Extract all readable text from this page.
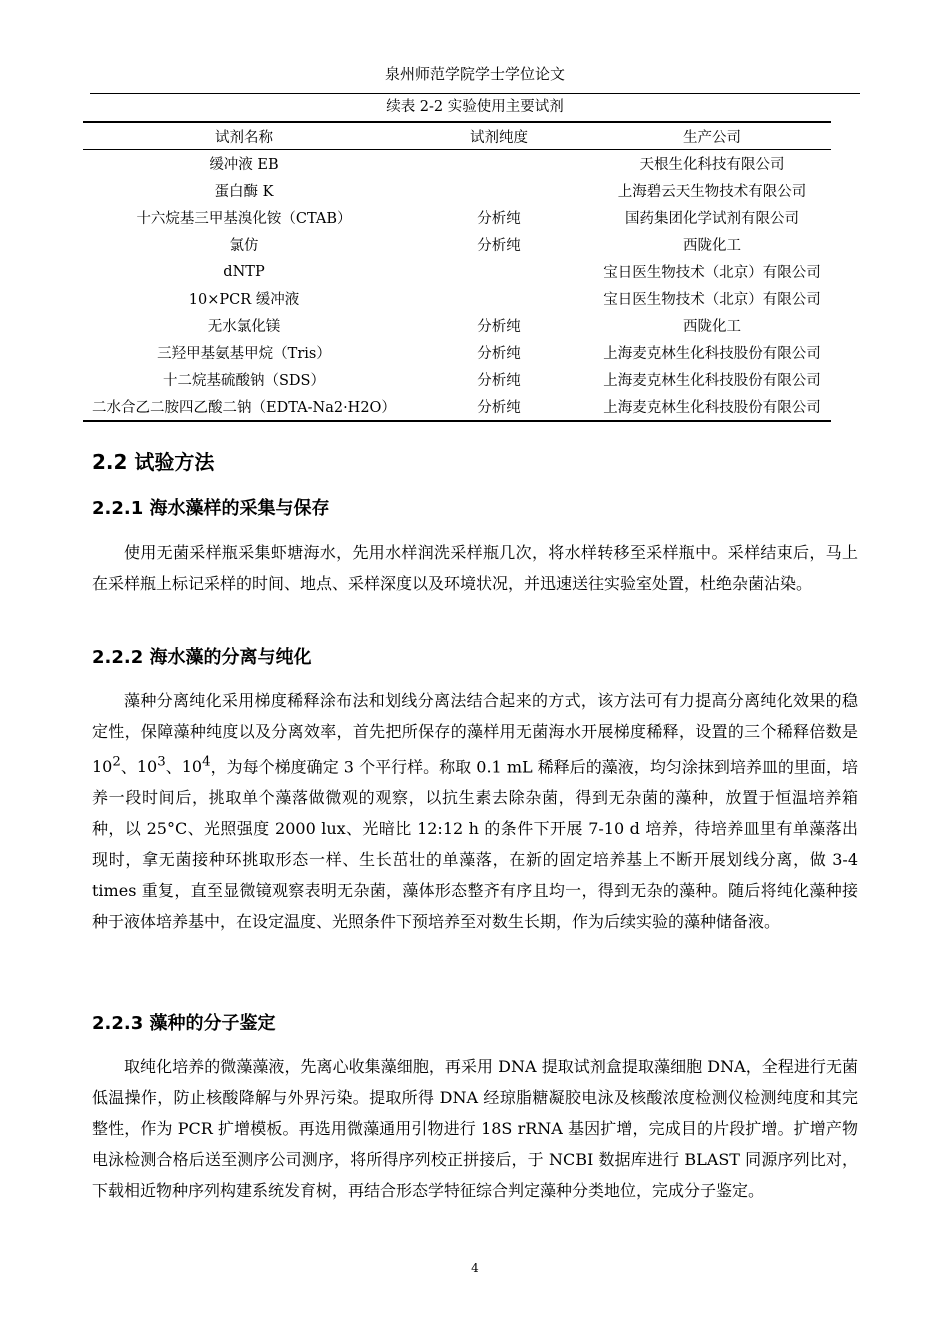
泉州师范学院学士学位论文
续表 2-2 实验使用主要试剂
试剂名称	试剂纯度	生产公司
缓冲液 EB		天根生化科技有限公司
蛋白酶 K		上海碧云天生物技术有限公司
十六烷基三甲基溴化铵（CTAB）	分析纯	国药集团化学试剂有限公司
氯仿	分析纯	西陇化工
dNTP		宝日医生物技术（北京）有限公司
10×PCR 缓冲液		宝日医生物技术（北京）有限公司
无水氯化镁	分析纯	西陇化工
三羟甲基氨基甲烷（Tris）	分析纯	上海麦克林生化科技股份有限公司
十二烷基硫酸钠（SDS）	分析纯	上海麦克林生化科技股份有限公司
二水合乙二胺四乙酸二钠（EDTA-Na2·H2O）	分析纯	上海麦克林生化科技股份有限公司
2.2 试验方法
2.2.1 海水藻样的采集与保存

使用无菌采样瓶采集虾塘海水，先用水样润洗采样瓶几次，将水样转移至采样瓶中。采样结束后，马上在采样瓶上标记采样的时间、地点、采样深度以及环境状况，并迅速送往实验室处置，杜绝杂菌沾染。

2.2.2 海水藻的分离与纯化

藻种分离纯化采用梯度稀释涂布法和划线分离法结合起来的方式，该方法可有力提高分离纯化效果的稳定性，保障藻种纯度以及分离效率，首先把所保存的藻样用无菌海水开展梯度稀释，设置的三个稀释倍数是 $10^2$、$10^3$、$10^4$，为每个梯度确定 3 个平行样。称取 0.1 mL 稀释后的藻液，均匀涂抹到培养皿的里面，培养一段时间后，挑取单个藻落做微观的观察，以抗生素去除杂菌，得到无杂菌的藻种，放置于恒温培养箱种，以 25°C、光照强度 2000 lux、光暗比 12:12 h 的条件下开展 7-10 d 培养，待培养皿里有单藻落出现时，拿无菌接种环挑取形态一样、生长茁壮的单藻落，在新的固定培养基上不断开展划线分离，做 3-4 times 重复，直至显微镜观察表明无杂菌，藻体形态整齐有序且均一，得到无杂的藻种。随后将纯化藻种接种于液体培养基中，在设定温度、光照条件下预培养至对数生长期，作为后续实验的藻种储备液。

2.2.3 藻种的分子鉴定

取纯化培养的微藻藻液，先离心收集藻细胞，再采用 DNA 提取试剂盒提取藻细胞 DNA，全程进行无菌低温操作，防止核酸降解与外界污染。提取所得 DNA 经琼脂糖凝胶电泳及核酸浓度检测仪检测纯度和其完整性，作为 PCR 扩增模板。再选用微藻通用引物进行 18S rRNA 基因扩增，完成目的片段扩增。扩增产物电泳检测合格后送至测序公司测序，将所得序列校正拼接后，于 NCBI 数据库进行 BLAST 同源序列比对，下载相近物种序列构建系统发育树，再结合形态学特征综合判定藻种分类地位，完成分子鉴定。

4
